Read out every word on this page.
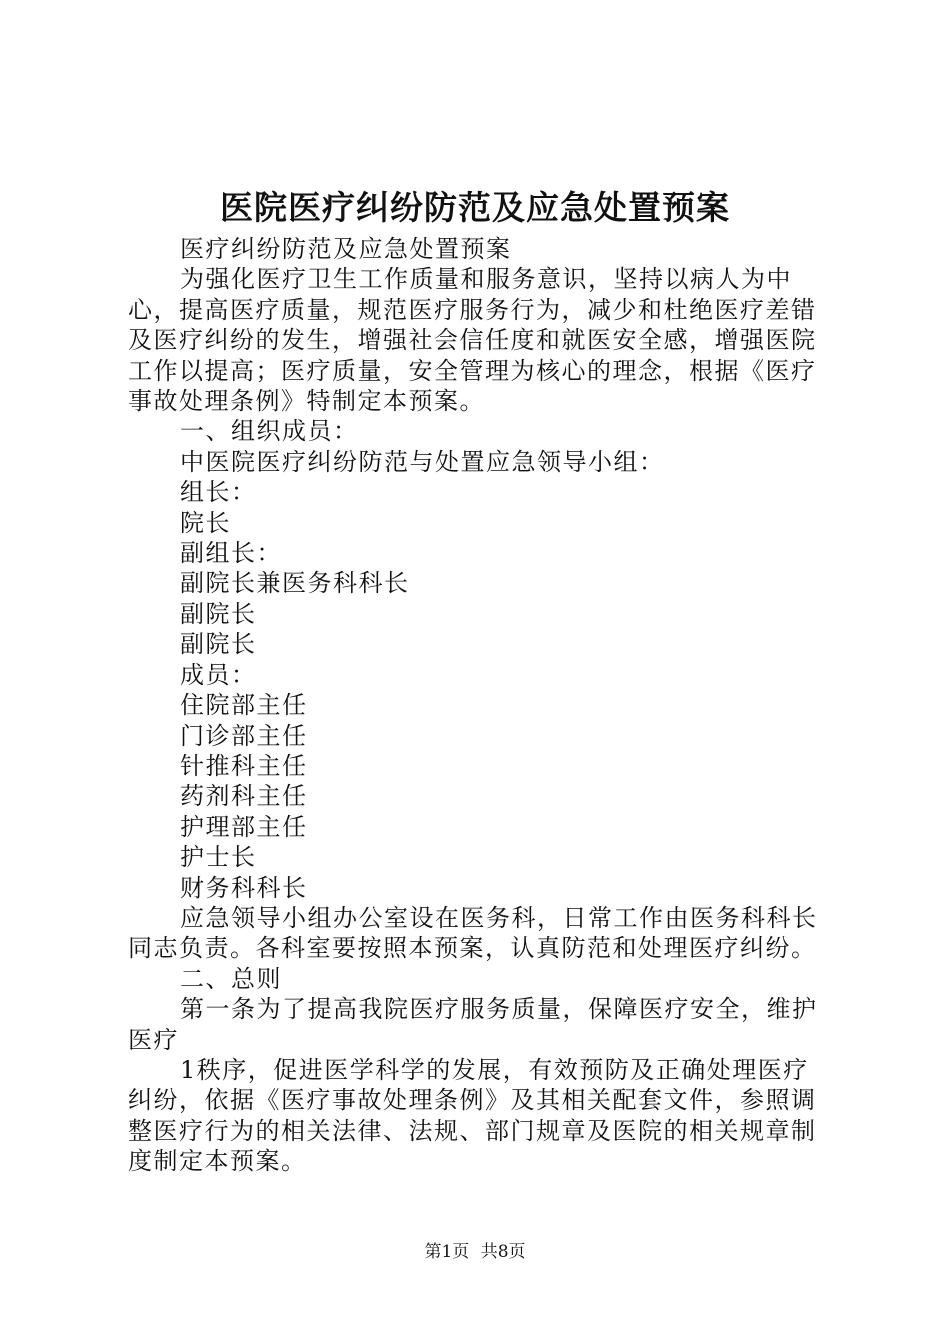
医院医疗纠纷防范及应急处置预案

医疗纠纷防范及应急处置预案

为强化医疗卫生工作质量和服务意识，坚持以病人为中心，提高医疗质量，规范医疗服务行为，减少和杜绝医疗差错及医疗纠纷的发生，增强社会信任度和就医安全感，增强医院工作以提高；医疗质量，安全管理为核心的理念，根据《医疗事故处理条例》特制定本预案。

一、组织成员：

中医院医疗纠纷防范与处置应急领导小组：

组长：

院长

副组长：

副院长兼医务科科长

副院长

副院长

成员：

住院部主任

门诊部主任

针推科主任

药剂科主任

护理部主任

护士长

财务科科长

应急领导小组办公室设在医务科，日常工作由医务科科长同志负责。各科室要按照本预案，认真防范和处理医疗纠纷。

二、总则

第一条为了提高我院医疗服务质量，保障医疗安全，维护医疗

1秩序，促进医学科学的发展，有效预防及正确处理医疗纠纷，依据《医疗事故处理条例》及其相关配套文件，参照调整医疗行为的相关法律、法规、部门规章及医院的相关规章制度制定本预案。

第1页 共8页
